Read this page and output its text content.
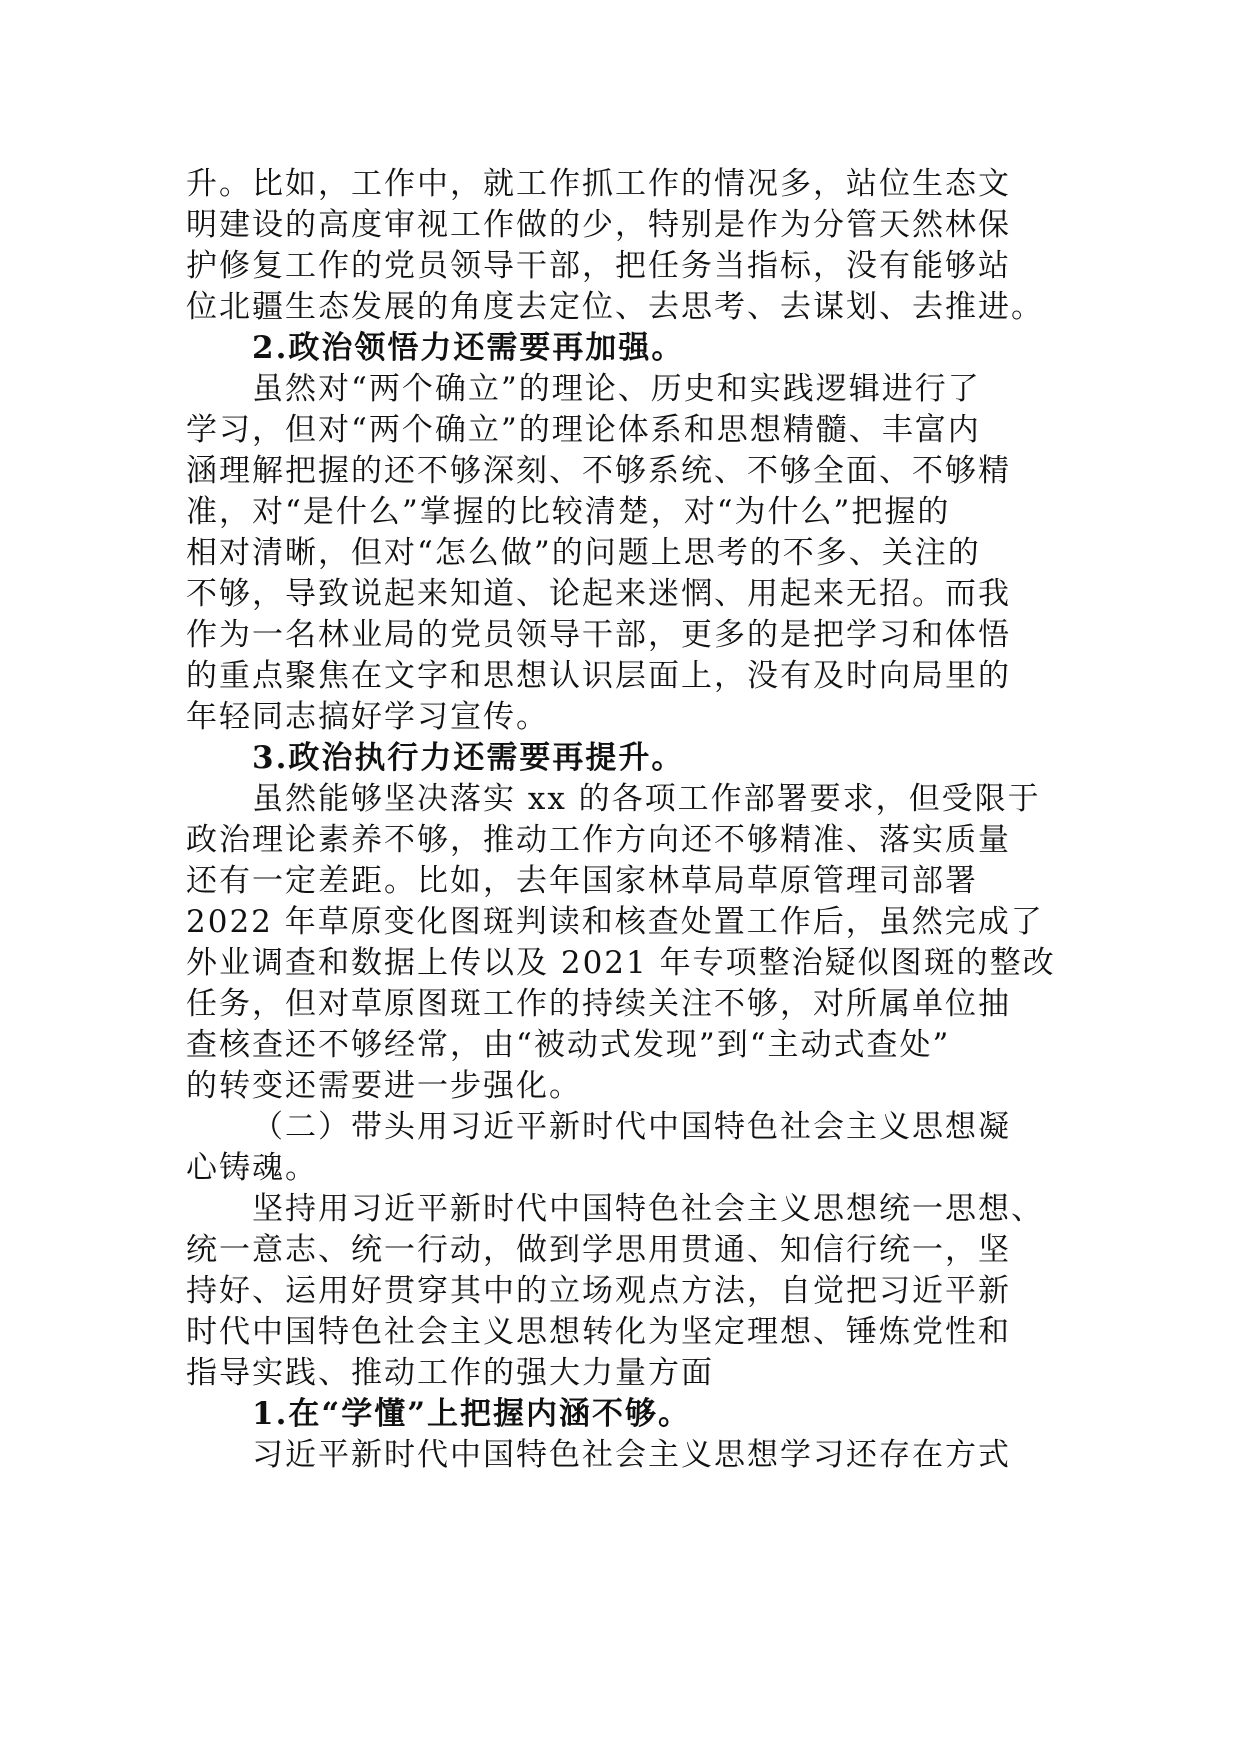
升。比如，工作中，就工作抓工作的情况多，站位生态文
明建设的高度审视工作做的少，特别是作为分管天然林保
护修复工作的党员领导干部，把任务当指标，没有能够站
位北疆生态发展的角度去定位、去思考、去谋划、去推进。
2.政治领悟力还需要再加强。
虽然对“两个确立”的理论、历史和实践逻辑进行了
学习，但对“两个确立”的理论体系和思想精髓、丰富内
涵理解把握的还不够深刻、不够系统、不够全面、不够精
准，对“是什么”掌握的比较清楚，对“为什么”把握的
相对清晰，但对“怎么做”的问题上思考的不多、关注的
不够，导致说起来知道、论起来迷惘、用起来无招。而我
作为一名林业局的党员领导干部，更多的是把学习和体悟
的重点聚焦在文字和思想认识层面上，没有及时向局里的
年轻同志搞好学习宣传。
3.政治执行力还需要再提升。
虽然能够坚决落实 xx 的各项工作部署要求，但受限于
政治理论素养不够，推动工作方向还不够精准、落实质量
还有一定差距。比如，去年国家林草局草原管理司部署
2022 年草原变化图斑判读和核查处置工作后，虽然完成了
外业调查和数据上传以及 2021 年专项整治疑似图斑的整改
任务，但对草原图斑工作的持续关注不够，对所属单位抽
查核查还不够经常，由“被动式发现”到“主动式查处”
的转变还需要进一步强化。
（二）带头用习近平新时代中国特色社会主义思想凝
心铸魂。
坚持用习近平新时代中国特色社会主义思想统一思想、
统一意志、统一行动，做到学思用贯通、知信行统一，坚
持好、运用好贯穿其中的立场观点方法，自觉把习近平新
时代中国特色社会主义思想转化为坚定理想、锤炼党性和
指导实践、推动工作的强大力量方面
1.在“学懂”上把握内涵不够。
习近平新时代中国特色社会主义思想学习还存在方式
